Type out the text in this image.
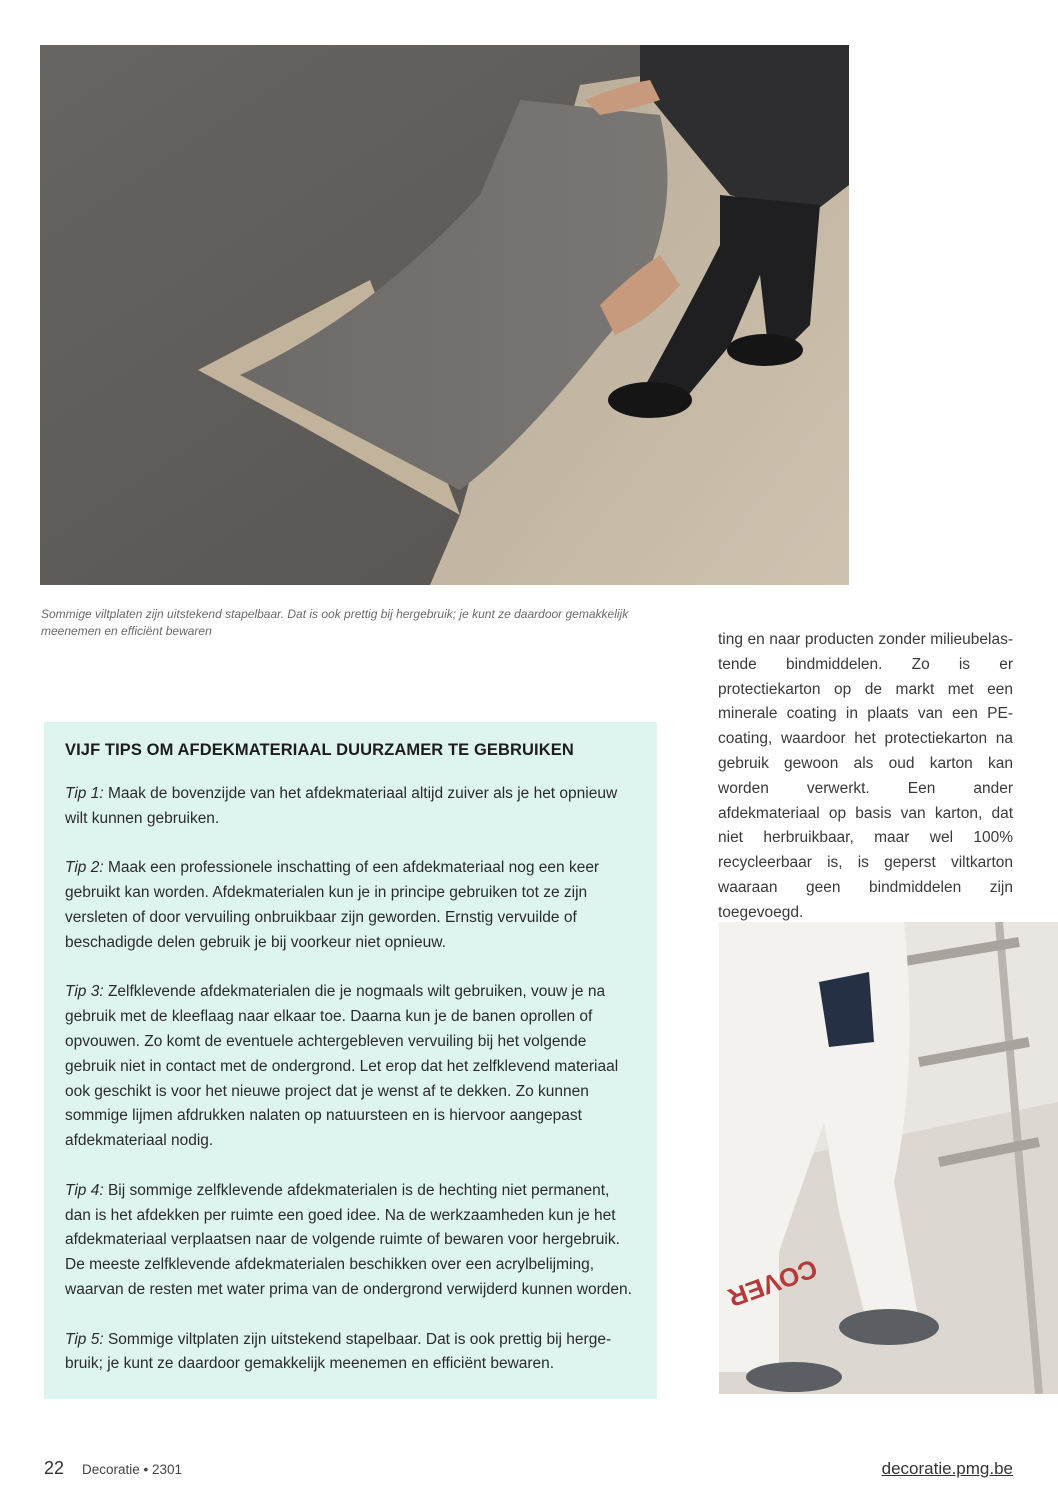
Sommige viltplaten zijn uitstekend stapelbaar. Dat is ook prettig bij hergebruik; je kunt ze daardoor gemakkelijk meenemen en efficiënt bewaren	ting en naar producten zonder milieubelastende bindmiddelen. Zo is er protectiekarton op de markt met een minerale coating in plaats van een PE-coating, waardoor het protectiekarton na gebruik gewoon als oud karton kan worden verwerkt. Een ander afdekmateriaal op basis van karton, dat niet herbruikbaar, maar wel 100% recycleerbaar is, is geperst viltkarton waaraan geen bindmiddelen zijn toegevoegd.
VIJF TIPS OM AFDEKMATERIAAL DUURZAMER TE GEBRUIKEN

Tip 1: Maak de bovenzijde van het afdekmateriaal altijd zuiver als je het opnieuw wilt kunnen gebruiken.

Tip 2: Maak een professionele inschatting of een afdekmateriaal nog een keer gebruikt kan worden. Afdekmaterialen kun je in principe gebruiken tot ze zijn versleten of door vervuiling onbruikbaar zijn geworden. Ernstig vervuilde of beschadigde delen gebruik je bij voorkeur niet opnieuw.

Tip 3: Zelfklevende afdekmaterialen die je nogmaals wilt gebruiken, vouw je na gebruik met de kleeflaag naar elkaar toe. Daarna kun je de banen oprollen of opvouwen. Zo komt de eventuele achtergebleven vervuiling bij het volgende gebruik niet in contact met de ondergrond. Let erop dat het zelfklevend materiaal ook geschikt is voor het nieuwe project dat je wenst af te dekken. Zo kunnen sommige lijmen afdrukken nalaten op natuursteen en is hiervoor aangepast afdekmateriaal nodig.

Tip 4: Bij sommige zelfklevende afdekmaterialen is de hechting niet permanent, dan is het afdekken per ruimte een goed idee. Na de werkzaamheden kun je het afdekmateriaal verplaatsen naar de volgende ruimte of bewaren voor hergebruik. De meeste zelfklevende afdekmaterialen beschikken over een acrylbelijming, waarvan de resten met water prima van de ondergrond verwijderd kunnen worden.

Tip 5: Sommige viltplaten zijn uitstekend stapelbaar. Dat is ook prettig bij hergebruik; je kunt ze daardoor gemakkelijk meenemen en efficiënt bewaren.

COVER
22 Decoratie • 2301	decoratie.pmg.be
